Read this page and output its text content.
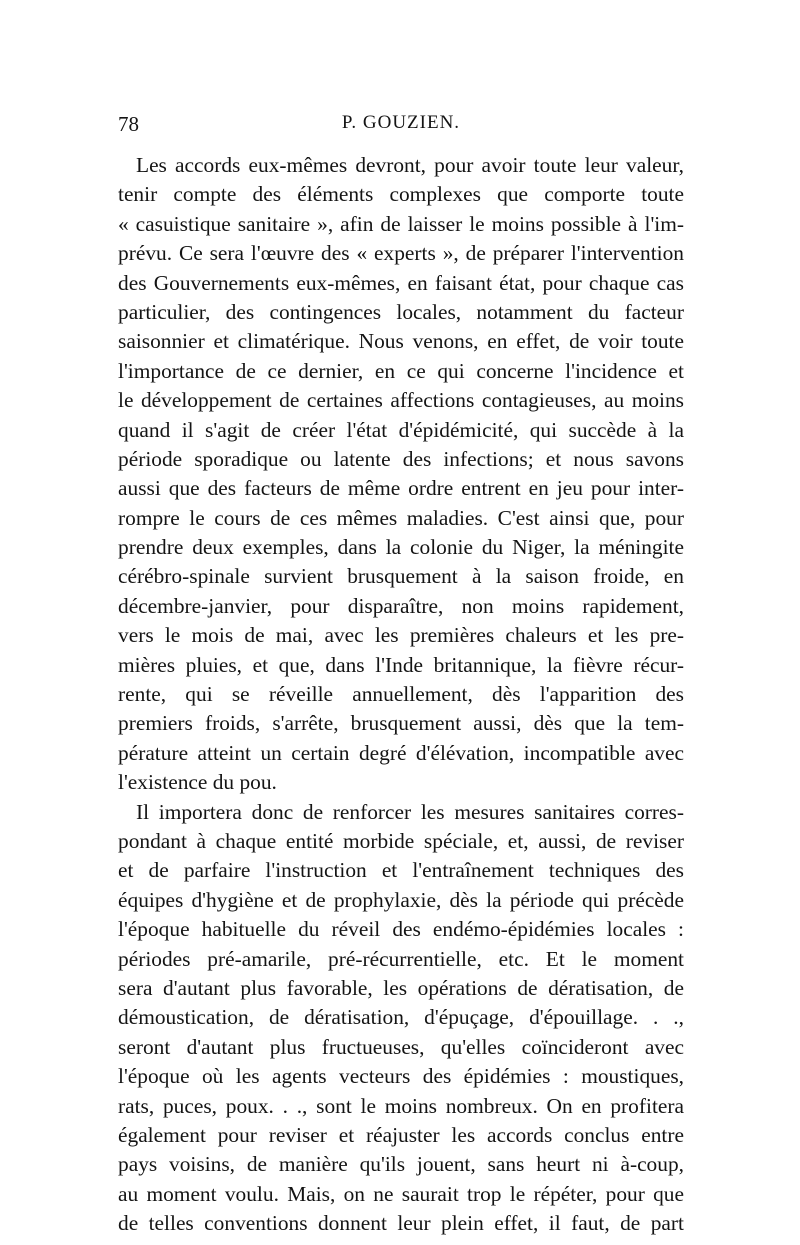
78	P. GOUZIEN.
Les accords eux-mêmes devront, pour avoir toute leur valeur,
tenir compte des éléments complexes que comporte toute
« casuistique sanitaire », afin de laisser le moins possible à l'im-
prévu. Ce sera l'œuvre des « experts », de préparer l'intervention
des Gouvernements eux-mêmes, en faisant état, pour chaque cas
particulier, des contingences locales, notamment du facteur
saisonnier et climatérique. Nous venons, en effet, de voir toute
l'importance de ce dernier, en ce qui concerne l'incidence et
le développement de certaines affections contagieuses, au moins
quand il s'agit de créer l'état d'épidémicité, qui succède à la
période sporadique ou latente des infections; et nous savons
aussi que des facteurs de même ordre entrent en jeu pour inter-
rompre le cours de ces mêmes maladies. C'est ainsi que, pour
prendre deux exemples, dans la colonie du Niger, la méningite
cérébro-spinale survient brusquement à la saison froide, en
décembre-janvier, pour disparaître, non moins rapidement,
vers le mois de mai, avec les premières chaleurs et les pre-
mières pluies, et que, dans l'Inde britannique, la fièvre récur-
rente, qui se réveille annuellement, dès l'apparition des
premiers froids, s'arrête, brusquement aussi, dès que la tem-
pérature atteint un certain degré d'élévation, incompatible avec
l'existence du pou.
Il importera donc de renforcer les mesures sanitaires corres-
pondant à chaque entité morbide spéciale, et, aussi, de reviser
et de parfaire l'instruction et l'entraînement techniques des
équipes d'hygiène et de prophylaxie, dès la période qui précède
l'époque habituelle du réveil des endémo-épidémies locales :
périodes pré-amarile, pré-récurrentielle, etc. Et le moment
sera d'autant plus favorable, les opérations de dératisation, de
démoustication, de dératisation, d'épuçage, d'épouillage. . .,
seront d'autant plus fructueuses, qu'elles coïncideront avec
l'époque où les agents vecteurs des épidémies : moustiques,
rats, puces, poux. . ., sont le moins nombreux. On en profitera
également pour reviser et réajuster les accords conclus entre
pays voisins, de manière qu'ils jouent, sans heurt ni à-coup,
au moment voulu. Mais, on ne saurait trop le répéter, pour que
de telles conventions donnent leur plein effet, il faut, de part
